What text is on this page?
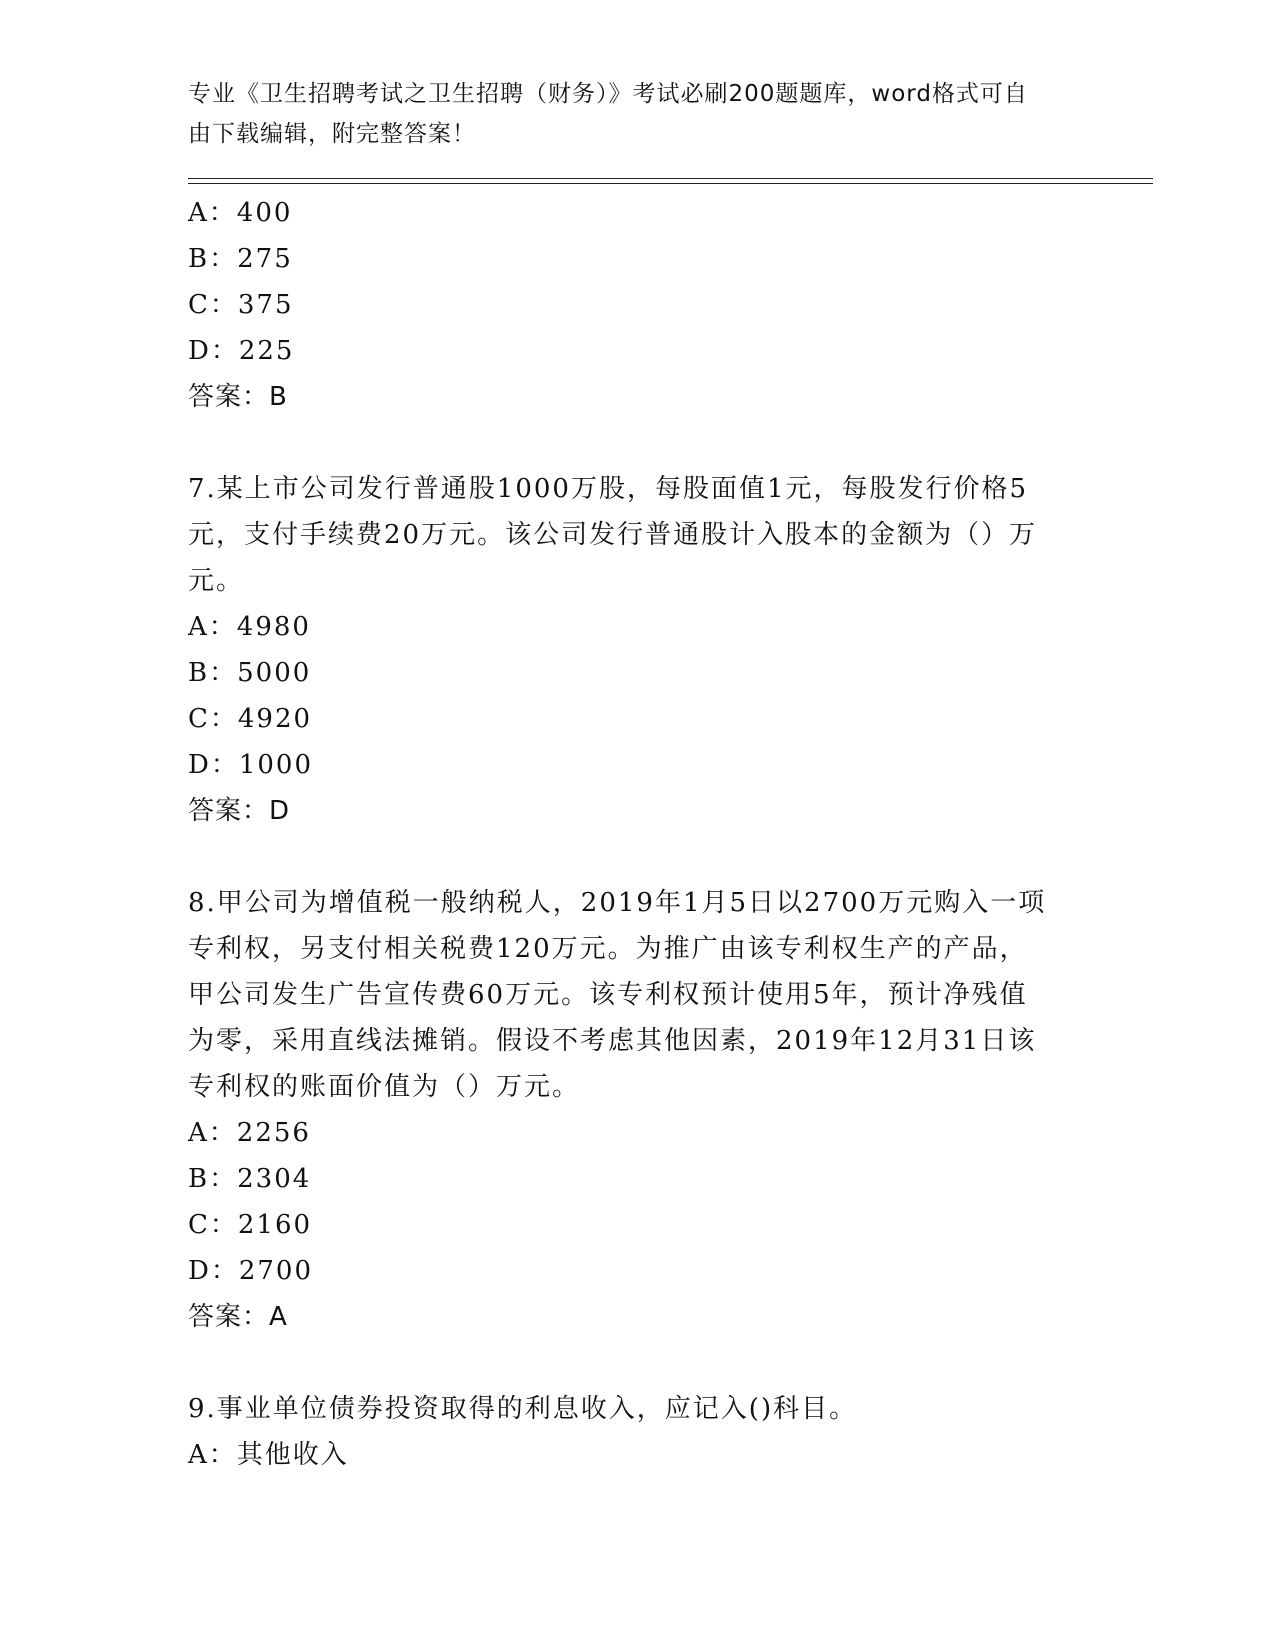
专业《卫生招聘考试之卫生招聘（财务）》考试必刷200题题库，word格式可自
由下载编辑，附完整答案！
A：400
B：275
C：375
D：225
答案：B
7.某上市公司发行普通股1000万股，每股面值1元，每股发行价格5
元，支付手续费20万元。该公司发行普通股计入股本的金额为（）万
元。
A：4980
B：5000
C：4920
D：1000
答案：D
8.甲公司为增值税一般纳税人，2019年1月5日以2700万元购入一项
专利权，另支付相关税费120万元。为推广由该专利权生产的产品，
甲公司发生广告宣传费60万元。该专利权预计使用5年，预计净残值
为零，采用直线法摊销。假设不考虑其他因素，2019年12月31日该
专利权的账面价值为（）万元。
A：2256
B：2304
C：2160
D：2700
答案：A
9.事业单位债券投资取得的利息收入，应记入()科目。
A：其他收入
